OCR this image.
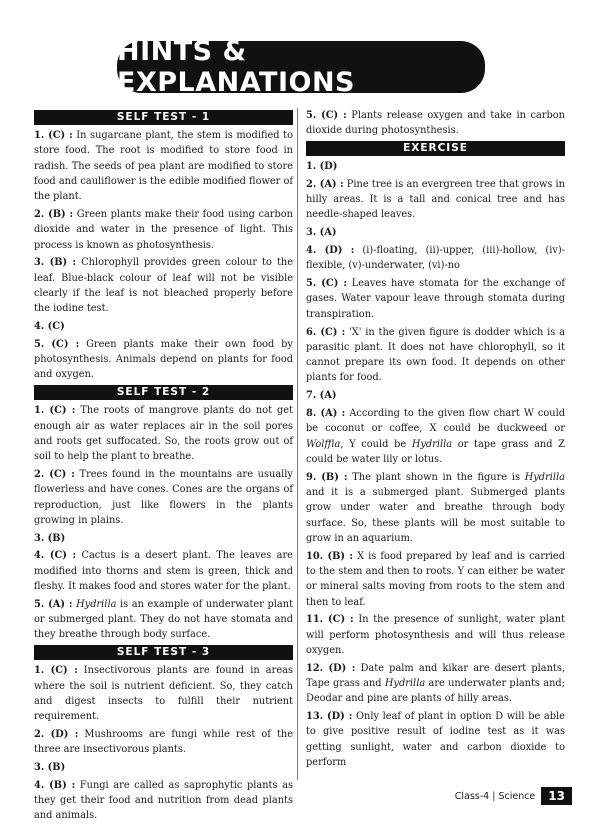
HINTS & EXPLANATIONS
SELF TEST - 1
1. (C) : In sugarcane plant, the stem is modified to store food. The root is modified to store food in radish. The seeds of pea plant are modified to store food and cauliflower is the edible modified flower of the plant.
2. (B) : Green plants make their food using carbon dioxide and water in the presence of light. This process is known as photosynthesis.
3. (B) : Chlorophyll provides green colour to the leaf. Blue-black colour of leaf will not be visible clearly if the leaf is not bleached properly before the iodine test.
4. (C)
5. (C) : Green plants make their own food by photosynthesis. Animals depend on plants for food and oxygen.
SELF TEST - 2
1. (C) : The roots of mangrove plants do not get enough air as water replaces air in the soil pores and roots get suffocated. So, the roots grow out of soil to help the plant to breathe.
2. (C) : Trees found in the mountains are usually flowerless and have cones. Cones are the organs of reproduction, just like flowers in the plants growing in plains.
3. (B)
4. (C) : Cactus is a desert plant. The leaves are modified into thorns and stem is green, thick and fleshy. It makes food and stores water for the plant.
5. (A) : Hydrilla is an example of underwater plant or submerged plant. They do not have stomata and they breathe through body surface.
SELF TEST - 3
1. (C) : Insectivorous plants are found in areas where the soil is nutrient deficient. So, they catch and digest insects to fulfill their nutrient requirement.
2. (D) : Mushrooms are fungi while rest of the three are insectivorous plants.
3. (B)
4. (B) : Fungi are called as saprophytic plants as they get their food and nutrition from dead plants and animals.
5. (C) : Plants release oxygen and take in carbon dioxide during photosynthesis.
EXERCISE
1. (D)
2. (A) : Pine tree is an evergreen tree that grows in hilly areas. It is a tall and conical tree and has needle-shaped leaves.
3. (A)
4. (D) : (i)-floating, (ii)-upper, (iii)-hollow, (iv)-flexible, (v)-underwater, (vi)-no
5. (C) : Leaves have stomata for the exchange of gases. Water vapour leave through stomata during transpiration.
6. (C) : 'X' in the given figure is dodder which is a parasitic plant. It does not have chlorophyll, so it cannot prepare its own food. It depends on other plants for food.
7. (A)
8. (A) : According to the given flow chart W could be coconut or coffee, X could be duckweed or Wolffia, Y could be Hydrilla or tape grass and Z could be water lily or lotus.
9. (B) : The plant shown in the figure is Hydrilla and it is a submerged plant. Submerged plants grow under water and breathe through body surface. So, these plants will be most suitable to grow in an aquarium.
10. (B) : X is food prepared by leaf and is carried to the stem and then to roots. Y can either be water or mineral salts moving from roots to the stem and then to leaf.
11. (C) : In the presence of sunlight, water plant will perform photosynthesis and will thus release oxygen.
12. (D) : Date palm and kikar are desert plants, Tape grass and Hydrilla are underwater plants and; Deodar and pine are plants of hilly areas.
13. (D) : Only leaf of plant in option D will be able to give positive result of iodine test as it was getting sunlight, water and carbon dioxide to perform
Class-4 | Science	13
